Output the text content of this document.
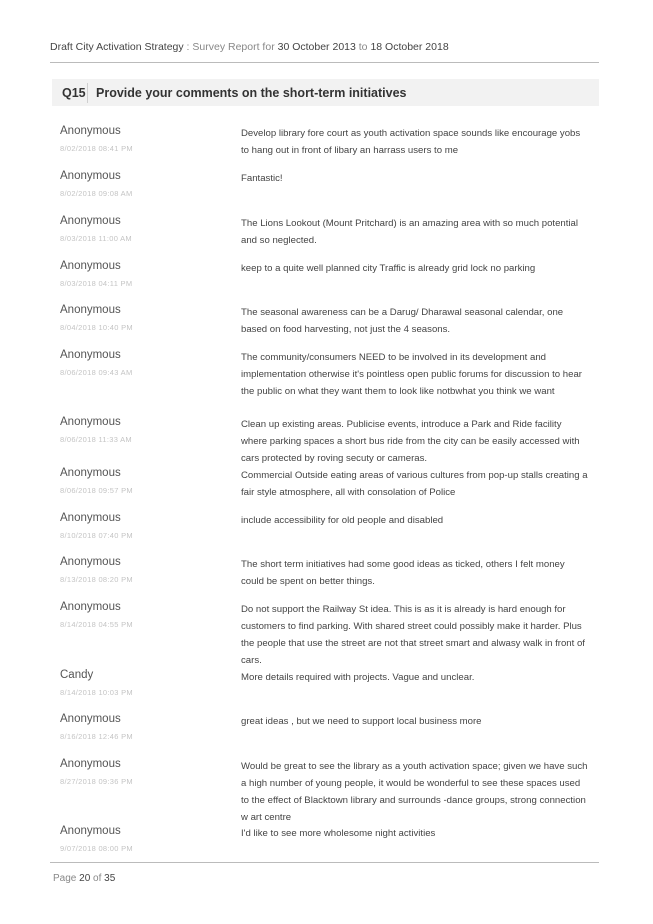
Draft City Activation Strategy : Survey Report for 30 October 2013 to 18 October 2018
Q15 Provide your comments on the short-term initiatives
Anonymous
8/02/2018 08:41 PM
Develop library fore court as youth activation space sounds like encourage yobs to hang out in front of libary an harrass users to me
Anonymous
8/02/2018 09:08 AM
Fantastic!
Anonymous
8/03/2018 11:00 AM
The Lions Lookout (Mount Pritchard) is an amazing area with so much potential and so neglected.
Anonymous
8/03/2018 04:11 PM
keep to a quite well planned city Traffic is already grid lock no parking
Anonymous
8/04/2018 10:40 PM
The seasonal awareness can be a Darug/ Dharawal seasonal calendar, one based on food harvesting, not just the 4 seasons.
Anonymous
8/06/2018 09:43 AM
The community/consumers NEED to be involved in its development and implementation otherwise it's pointless open public forums for discussion to hear the public on what they want them to look like notbwhat you think we want
Anonymous
8/06/2018 11:33 AM
Clean up existing areas. Publicise events, introduce a Park and Ride facility where parking spaces a short bus ride from the city can be easily accessed with cars protected by roving secuty or cameras.
Anonymous
8/06/2018 09:57 PM
Commercial Outside eating areas of various cultures from pop-up stalls creating a fair style atmosphere, all with consolation of Police
Anonymous
8/10/2018 07:40 PM
include accessibility for old people and disabled
Anonymous
8/13/2018 08:20 PM
The short term initiatives had some good ideas as ticked, others I felt money could be spent on better things.
Anonymous
8/14/2018 04:55 PM
Do not support the Railway St idea. This is as it is already is hard enough for customers to find parking. With shared street could possibly make it harder. Plus the people that use the street are not that street smart and alwasy walk in front of cars.
Candy
8/14/2018 10:03 PM
More details required with projects. Vague and unclear.
Anonymous
8/16/2018 12:46 PM
great ideas , but we need to support local business more
Anonymous
8/27/2018 09:36 PM
Would be great to see the library as a youth activation space; given we have such a high number of young people, it would be wonderful to see these spaces used to the effect of Blacktown library and surrounds -dance groups, strong connection w art centre
Anonymous
9/07/2018 08:00 PM
I'd like to see more wholesome night activities
Page 20 of 35
